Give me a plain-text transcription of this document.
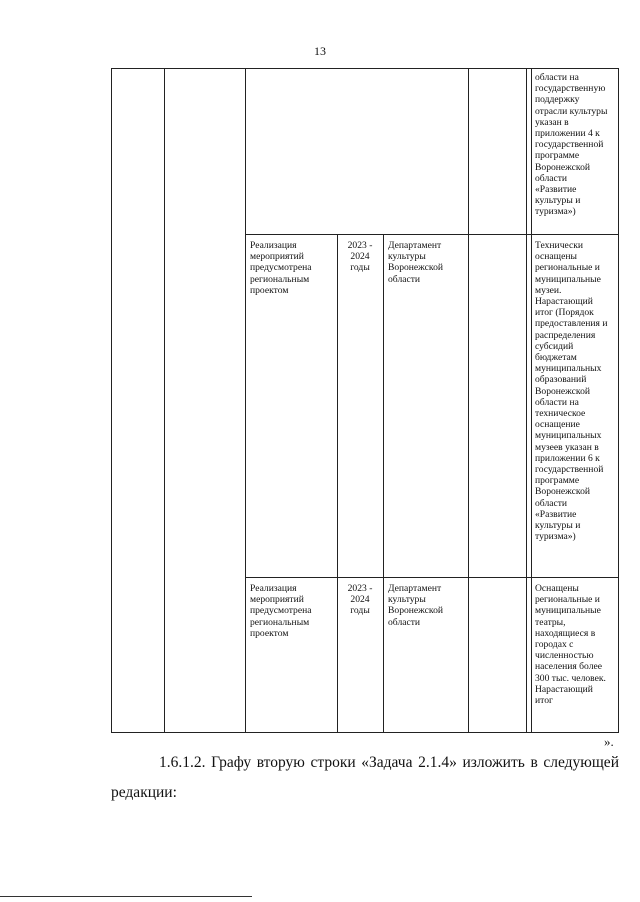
13
области на
государственную
поддержку
отрасли культуры
указан в
приложении 4 к
государственной
программе
Воронежской
области
«Развитие
культуры и
туризма»)
Реализация
мероприятий
предусмотрена
региональным
проектом
2023 -
2024
годы
Департамент
культуры
Воронежской
области
Технически
оснащены
региональные и
муниципальные
музеи.
Нарастающий
итог (Порядок
предоставления и
распределения
субсидий
бюджетам
муниципальных
образований
Воронежской
области на
техническое
оснащение
муниципальных
музеев указан в
приложении 6 к
государственной
программе
Воронежской
области
«Развитие
культуры и
туризма»)
Реализация
мероприятий
предусмотрена
региональным
проектом
2023 -
2024
годы
Департамент
культуры
Воронежской
области
Оснащены
региональные и
муниципальные
театры,
находящиеся в
городах с
численностью
населения более
300 тыс. человек.
Нарастающий
итог
».
1.6.1.2. Графу вторую строки «Задача 2.1.4» изложить в следующей
редакции:
